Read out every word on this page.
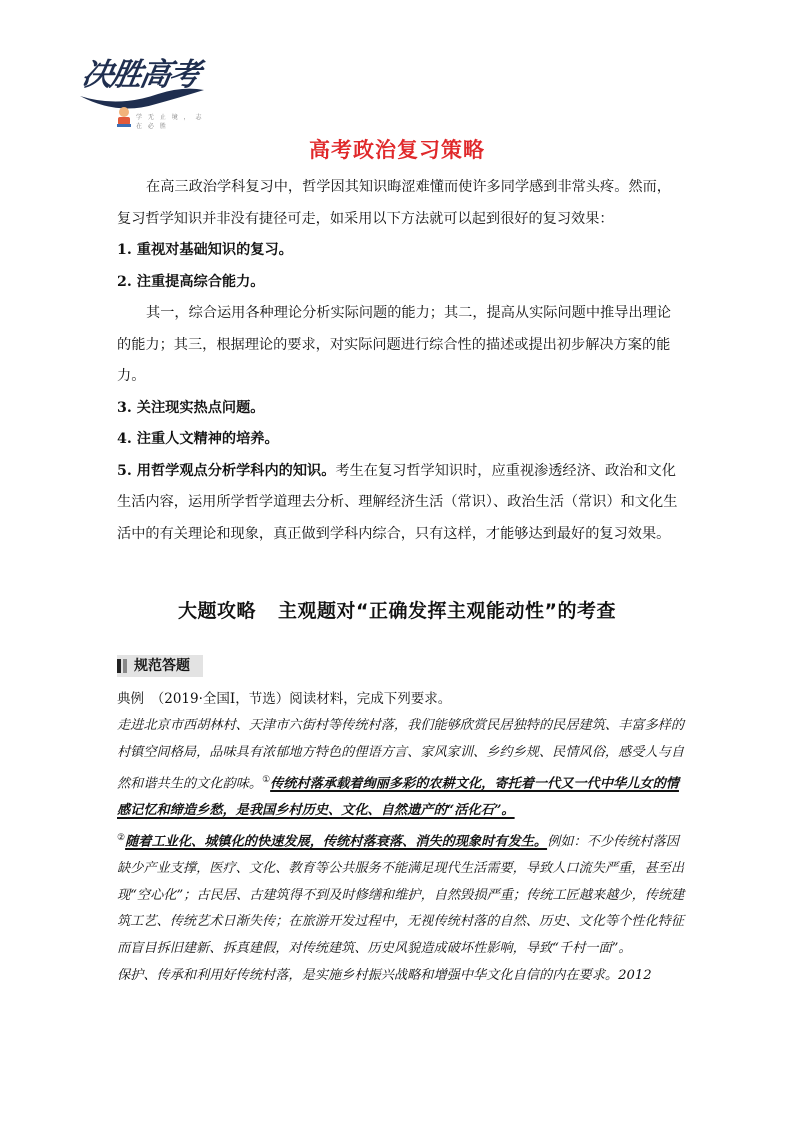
决胜高考
学 无 止 境 ， 志 在 必 胜
高考政治复习策略

在高三政治学科复习中，哲学因其知识晦涩难懂而使许多同学感到非常头疼。然而，

复习哲学知识并非没有捷径可走，如采用以下方法就可以起到很好的复习效果：

1. 重视对基础知识的复习。

2. 注重提高综合能力。

其一，综合运用各种理论分析实际问题的能力；其二，提高从实际问题中推导出理论的能力；其三，根据理论的要求，对实际问题进行综合性的描述或提出初步解决方案的能力。

3. 关注现实热点问题。

4. 注重人文精神的培养。

5. 用哲学观点分析学科内的知识。考生在复习哲学知识时，应重视渗透经济、政治和文化生活内容，运用所学哲学道理去分析、理解经济生活（常识）、政治生活（常识）和文化生活中的有关理论和现象，真正做到学科内综合，只有这样，才能够达到最好的复习效果。

大题攻略 主观题对“正确发挥主观能动性”的考查
规范答题
典例　（2019·全国Ⅰ，节选）阅读材料，完成下列要求。

走进北京市西胡林村、天津市六街村等传统村落，我们能够欣赏民居独特的民居建筑、丰富多样的村镇空间格局，品味具有浓郁地方特色的俚语方言、家风家训、乡约乡规、民情风俗，感受人与自然和谐共生的文化韵味。①传统村落承载着绚丽多彩的农耕文化，寄托着一代又一代中华儿女的情感记忆和缔造乡愁，是我国乡村历史、文化、自然遗产的“活化石”。

②随着工业化、城镇化的快速发展，传统村落衰落、消失的现象时有发生。例如：不少传统村落因缺少产业支撑，医疗、文化、教育等公共服务不能满足现代生活需要，导致人口流失严重，甚至出现“空心化”；古民居、古建筑得不到及时修缮和维护，自然毁损严重；传统工匠越来越少，传统建筑工艺、传统艺术日渐失传；在旅游开发过程中，无视传统村落的自然、历史、文化等个性化特征而盲目拆旧建新、拆真建假，对传统建筑、历史风貌造成破坏性影响，导致“千村一面”。

保护、传承和利用好传统村落，是实施乡村振兴战略和增强中华文化自信的内在要求。2012
